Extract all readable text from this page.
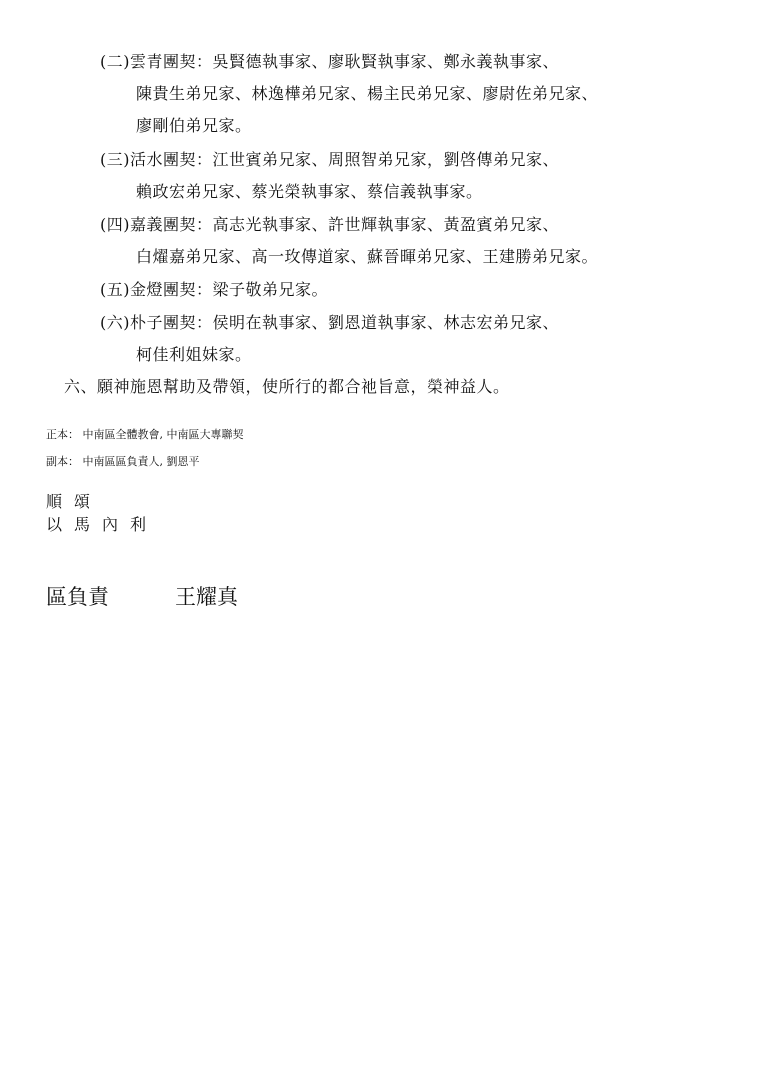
(二)雲青團契：吳賢德執事家、廖耿賢執事家、鄭永義執事家、
陳貴生弟兄家、林逸樺弟兄家、楊主民弟兄家、廖尉佐弟兄家、
廖剛伯弟兄家。
(三)活水團契：江世賓弟兄家、周照智弟兄家，劉啓傳弟兄家、
賴政宏弟兄家、蔡光榮執事家、蔡信義執事家。
(四)嘉義團契：高志光執事家、許世輝執事家、黃盈賓弟兄家、
白燿嘉弟兄家、高一玫傳道家、蘇晉暉弟兄家、王建勝弟兄家。
(五)金燈團契：梁子敬弟兄家。
(六)朴子團契：侯明在執事家、劉恩道執事家、林志宏弟兄家、
柯佳利姐妹家。
六、願神施恩幫助及帶領，使所行的都合祂旨意，榮神益人。
正本： 中南區全體教會, 中南區大專聯契
副本： 中南區區負責人, 劉恩平
順頌
以馬內利
區負責	王耀真
